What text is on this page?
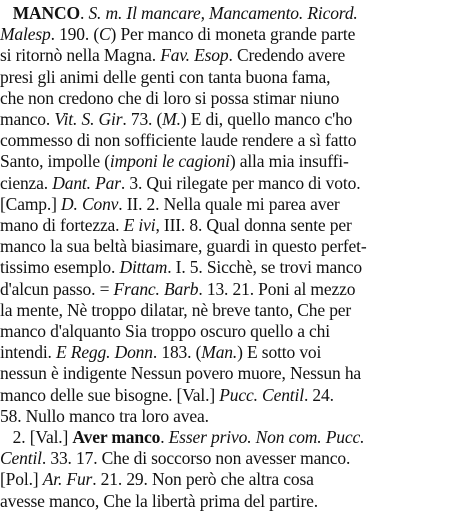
MANCO. S. m. Il mancare, Mancamento. Ricord.
Malesp. 190. (C) Per manco di moneta grande parte
si ritornò nella Magna. Fav. Esop. Credendo avere
presi gli animi delle genti con tanta buona fama,
che non credono che di loro si possa stimar niuno
manco. Vit. S. Gir. 73. (M.) E di, quello manco c'ho
commesso di non sofficiente laude rendere a sì fatto
Santo, impolle (imponi le cagioni) alla mia insuffi-
cienza. Dant. Par. 3. Qui rilegate per manco di voto.
[Camp.] D. Conv. II. 2. Nella quale mi parea aver
mano di fortezza. E ivi, III. 8. Qual donna sente per
manco la sua beltà biasimare, guardi in questo perfet-
tissimo esemplo. Dittam. I. 5. Sicchè, se trovi manco
d'alcun passo. = Franc. Barb. 13. 21. Poni al mezzo
la mente, Nè troppo dilatar, nè breve tanto, Che per
manco d'alquanto Sia troppo oscuro quello a chi
intendi. E Regg. Donn. 183. (Man.) E sotto voi
nessun è indigente Nessun povero muore, Nessun ha
manco delle sue bisogne. [Val.] Pucc. Centil. 24.
58. Nullo manco tra loro avea.
2. [Val.] Aver manco. Esser privo. Non com. Pucc.
Centil. 33. 17. Che di soccorso non avesser manco.
[Pol.] Ar. Fur. 21. 29. Non però che altra cosa
avesse manco, Che la libertà prima del partire.
